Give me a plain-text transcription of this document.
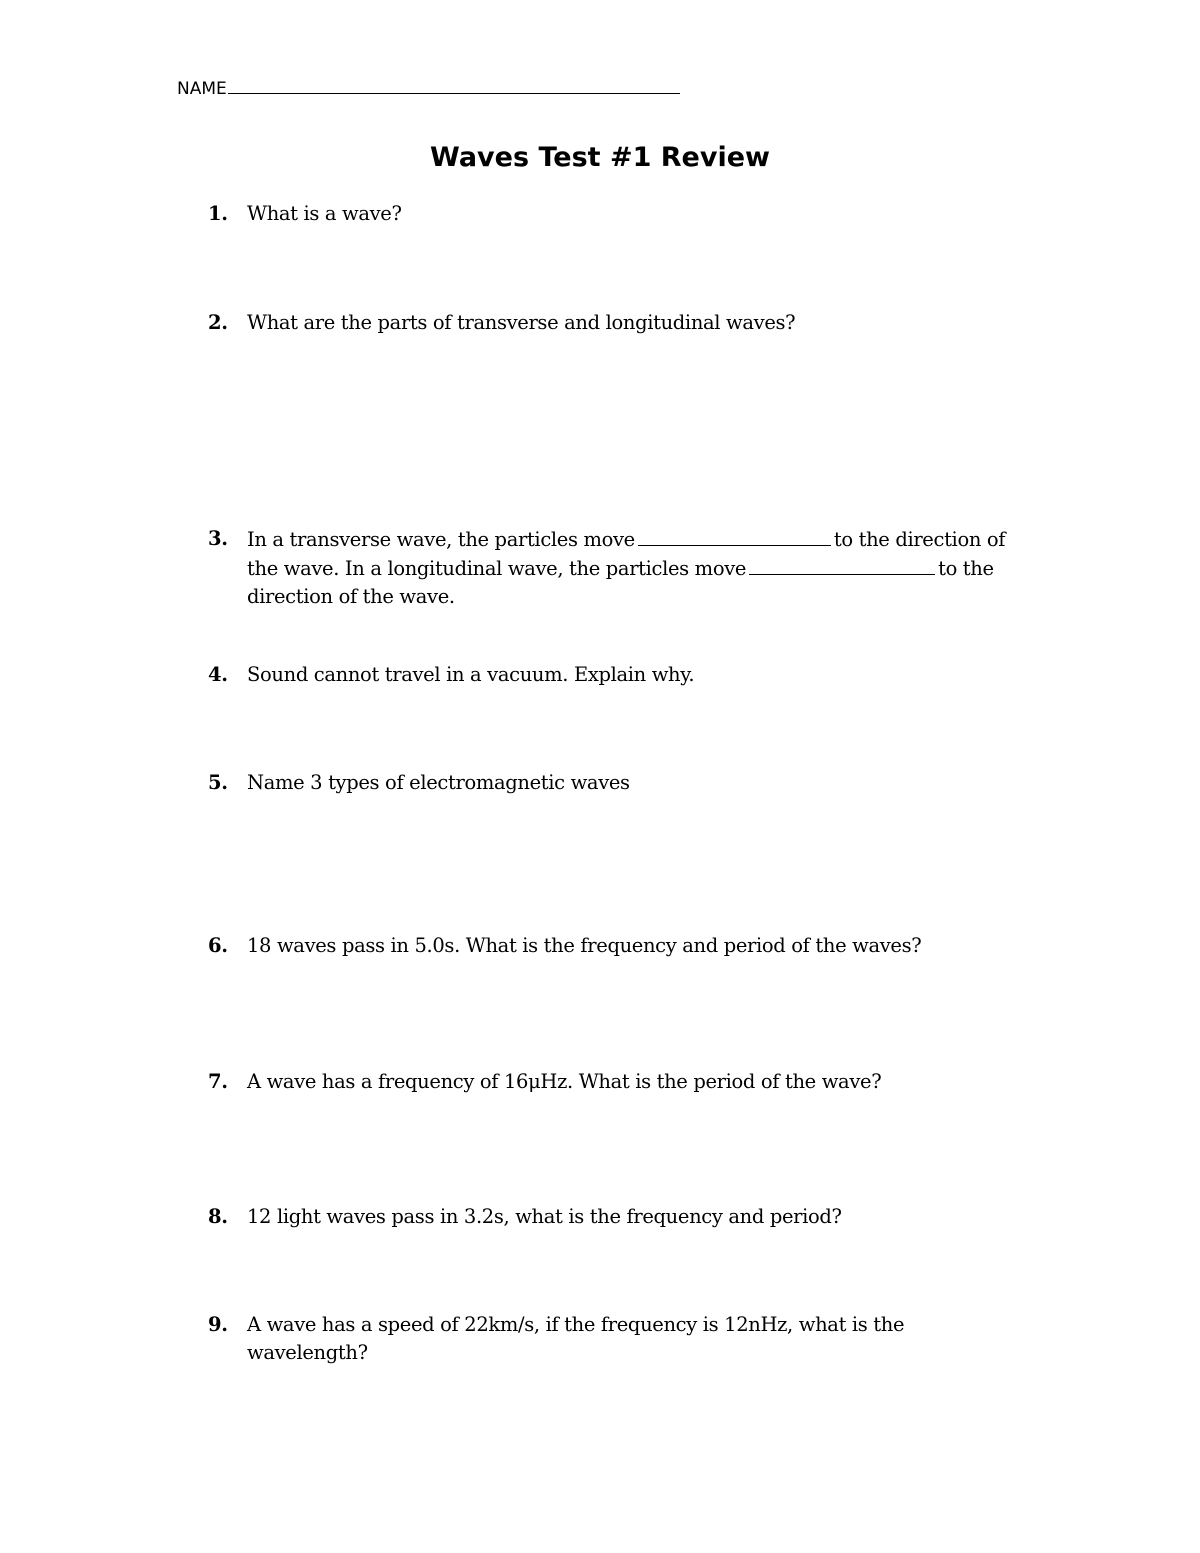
NAME
Waves Test #1 Review
1. What is a wave?
2. What are the parts of transverse and longitudinal waves?
3. In a transverse wave, the particles move	to the direction of the wave. In a longitudinal wave, the particles move	to the direction of the wave.
4. Sound cannot travel in a vacuum. Explain why.
5. Name 3 types of electromagnetic waves
6. 18 waves pass in 5.0s. What is the frequency and period of the waves?
7. A wave has a frequency of 16μHz. What is the period of the wave?
8. 12 light waves pass in 3.2s, what is the frequency and period?
9. A wave has a speed of 22km/s, if the frequency is 12nHz, what is the wavelength?
